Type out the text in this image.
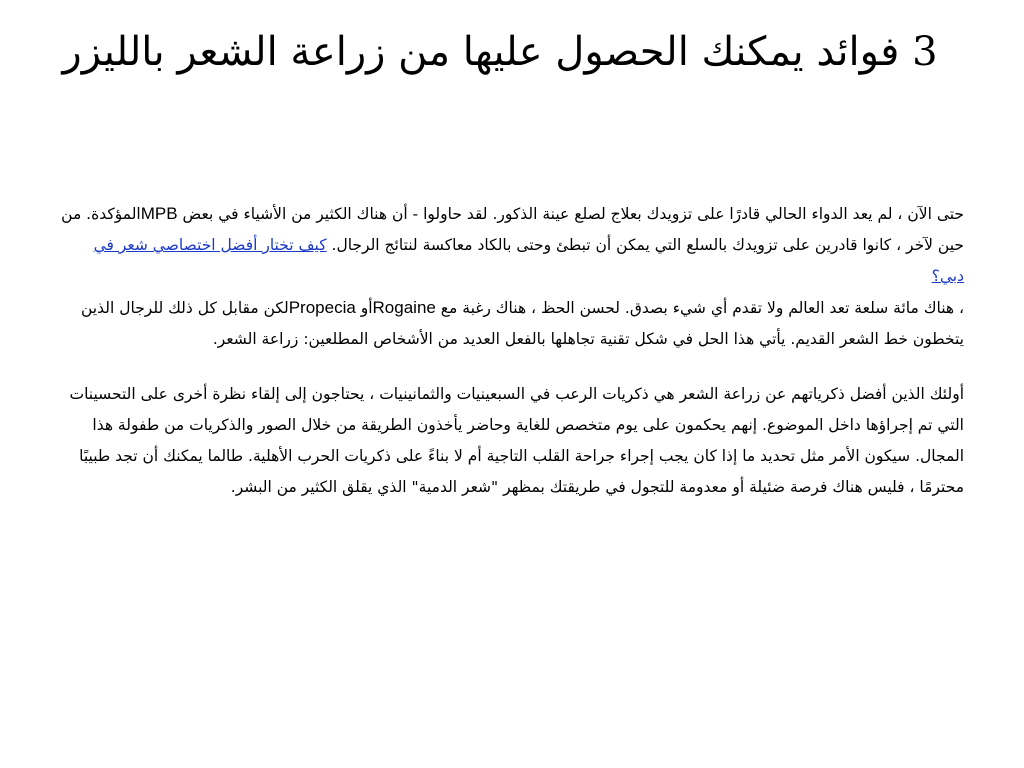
3 فوائد يمكنك الحصول عليها من زراعة الشعر بالليزر

حتى الآن ، لم يعد الدواء الحالي قادرًا على تزويدك بعلاج لصلع عينة الذكور. لقد حاولوا - أن هناك الكثير من الأشياء في بعض MPBالمؤكدة. من حين لآخر ، كانوا قادرين على تزويدك بالسلع التي يمكن أن تبطئ وحتى بالكاد معاكسة لنتائج الرجال. كيف تختار أفضل اختصاصي شعر في دبي؟

، هناك مائة سلعة تعد العالم ولا تقدم أي شيء بصدق. لحسن الحظ ، هناك رغبة مع Rogaineأو Propeciaلكن مقابل كل ذلك للرجال الذين يتخطون خط الشعر القديم. يأتي هذا الحل في شكل تقنية تجاهلها بالفعل العديد من الأشخاص المطلعين: زراعة الشعر.

أولئك الذين أفضل ذكرياتهم عن زراعة الشعر هي ذكريات الرعب في السبعينيات والثمانينيات ، يحتاجون إلى إلقاء نظرة أخرى على التحسينات التي تم إجراؤها داخل الموضوع. إنهم يحكمون على يوم متخصص للغاية وحاضر يأخذون الطريقة من خلال الصور والذكريات من طفولة هذا المجال. سيكون الأمر مثل تحديد ما إذا كان يجب إجراء جراحة القلب التاجية أم لا بناءً على ذكريات الحرب الأهلية. طالما يمكنك أن تجد طبيبًا محترمًا ، فليس هناك فرصة ضئيلة أو معدومة للتجول في طريقتك بمظهر "شعر الدمية" الذي يقلق الكثير من البشر.
